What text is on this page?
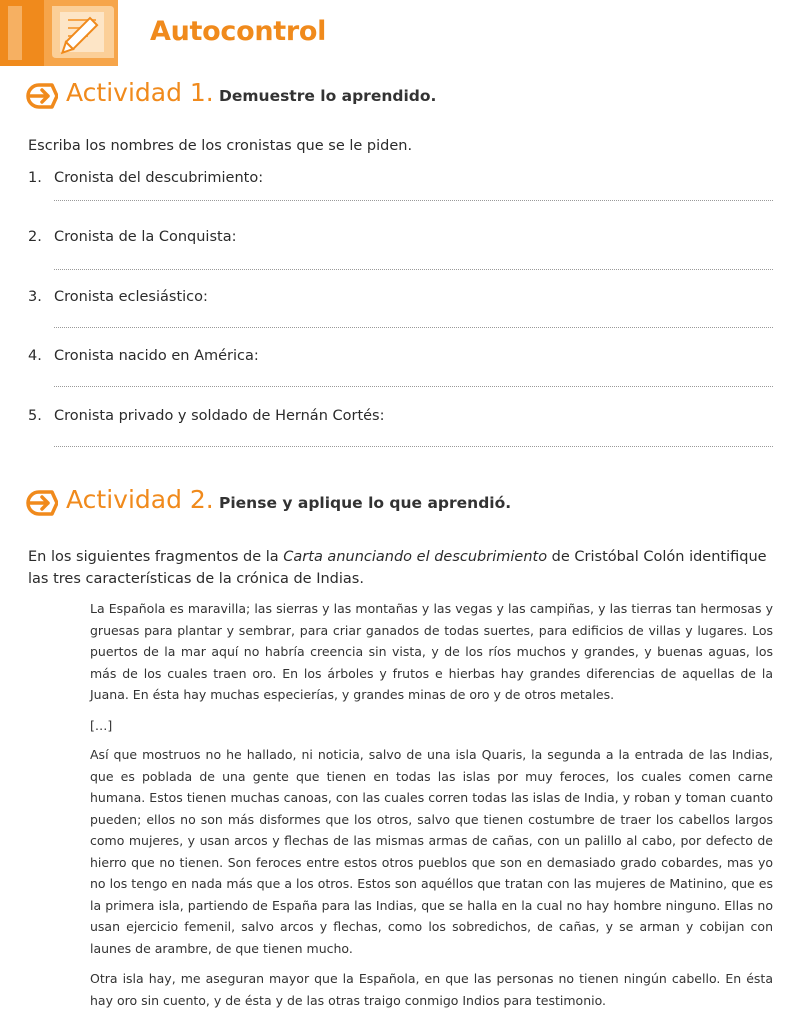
Autocontrol
Actividad 1. Demuestre lo aprendido.
Escriba los nombres de los cronistas que se le piden.
1. Cronista del descubrimiento:
2. Cronista de la Conquista:
3. Cronista eclesiástico:
4. Cronista nacido en América:
5. Cronista privado y soldado de Hernán Cortés:
Actividad 2. Piense y aplique lo que aprendió.

En los siguientes fragmentos de la Carta anunciando el descubrimiento de Cristóbal Colón identifique las tres características de la crónica de Indias.

La Española es maravilla; las sierras y las montañas y las vegas y las campiñas, y las tierras tan hermosas y gruesas para plantar y sembrar, para criar ganados de todas suertes, para edificios de villas y lugares. Los puertos de la mar aquí no habría creencia sin vista, y de los ríos muchos y grandes, y buenas aguas, los más de los cuales traen oro. En los árboles y frutos e hierbas hay grandes diferencias de aquellas de la Juana. En ésta hay muchas especierías, y grandes minas de oro y de otros metales.

[…]

Así que mostruos no he hallado, ni noticia, salvo de una isla Quaris, la segunda a la entrada de las Indias, que es poblada de una gente que tienen en todas las islas por muy feroces, los cuales comen carne humana. Estos tienen muchas canoas, con las cuales corren todas las islas de India, y roban y toman cuanto pueden; ellos no son más disformes que los otros, salvo que tienen costumbre de traer los cabellos largos como mujeres, y usan arcos y flechas de las mismas armas de cañas, con un palillo al cabo, por defecto de hierro que no tienen. Son feroces entre estos otros pueblos que son en demasiado grado cobardes, mas yo no los tengo en nada más que a los otros. Estos son aquéllos que tratan con las mujeres de Matinino, que es la primera isla, partiendo de España para las Indias, que se halla en la cual no hay hombre ninguno. Ellas no usan ejercicio femenil, salvo arcos y flechas, como los sobredichos, de cañas, y se arman y cobijan con launes de arambre, de que tienen mucho.

Otra isla hay, me aseguran mayor que la Española, en que las personas no tienen ningún cabello. En ésta hay oro sin cuento, y de ésta y de las otras traigo conmigo Indios para testimonio.
